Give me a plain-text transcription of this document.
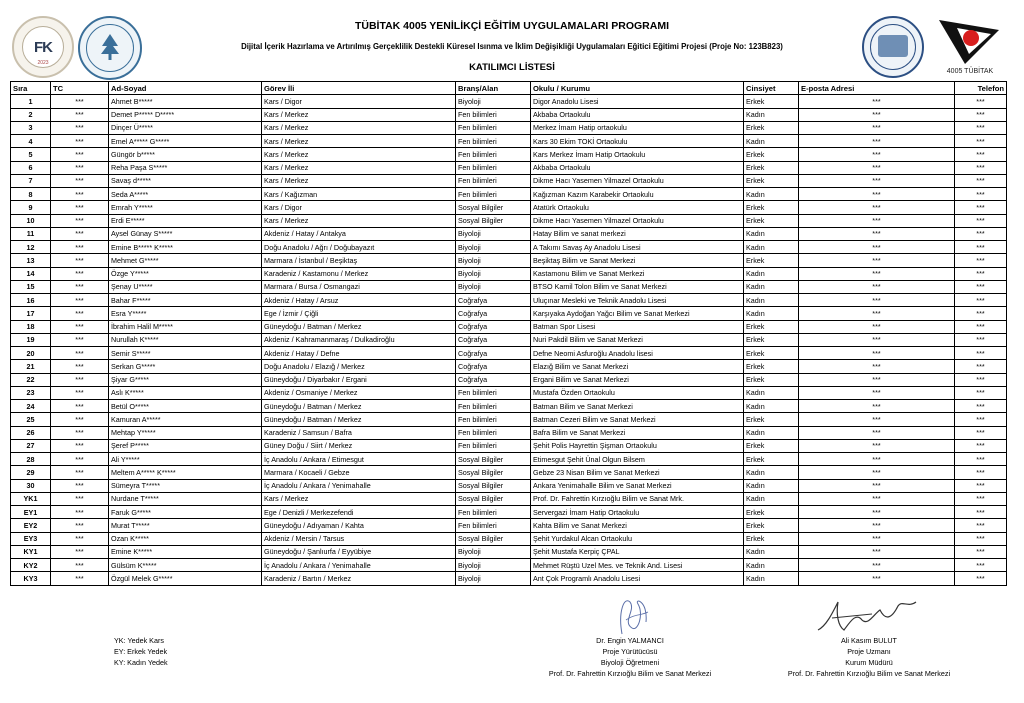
FK
2023
TÜBİTAK 4005 YENİLİKÇİ EĞİTİM UYGULAMALARI PROGRAMI
Dijital İçerik Hazırlama ve Artırılmış Gerçeklilik Destekli Küresel Isınma ve İklim Değişikliği Uygulamaları Eğitici Eğitimi Projesi (Proje No: 123B823)
KATILIMCI LİSTESİ	4005 TÜBİTAK
Sıra	TC	Ad-Soyad	Görev İli	Branş/Alan	Okulu / Kurumu	Cinsiyet	E-posta Adresi	Telefon
1	***	Ahmet B*****	Kars / Digor	Biyoloji	Digor Anadolu Lisesi	Erkek	***	***
2	***	Demet P***** D*****	Kars / Merkez	Fen bilimleri	Akbaba Ortaokulu	Kadın	***	***
3	***	Dinçer Ü*****	Kars / Merkez	Fen bilimleri	Merkez İmam Hatip ortaokulu	Erkek	***	***
4	***	Emel A***** G*****	Kars / Merkez	Fen bilimleri	Kars 30 Ekim TOKİ Ortaokulu	Kadın	***	***
5	***	Güngör b*****	Kars / Merkez	Fen bilimleri	Kars Merkez İmam Hatip Ortaokulu	Erkek	***	***
6	***	Reha Paşa S*****	Kars / Merkez	Fen bilimleri	Akbaba Ortaokulu	Erkek	***	***
7	***	Savaş d*****	Kars / Merkez	Fen bilimleri	Dikme Hacı Yasemen Yilmazel Ortaokulu	Erkek	***	***
8	***	Seda A*****	Kars / Kağızman	Fen bilimleri	Kağızman Kazım Karabekir Ortaokulu	Kadın	***	***
9	***	Emrah Y*****	Kars / Digor	Sosyal Bilgiler	Atatürk Ortaokulu	Erkek	***	***
10	***	Erdi E*****	Kars / Merkez	Sosyal Bilgiler	Dikme Hacı Yasemen Yilmazel Ortaokulu	Erkek	***	***
11	***	Aysel Günay S*****	Akdeniz / Hatay / Antakya	Biyoloji	Hatay Bilim ve sanat merkezi	Kadın	***	***
12	***	Emine B***** K*****	Doğu Anadolu / Ağrı / Doğubayazıt	Biyoloji	A Takımı Savaş Ay Anadolu Lisesi	Kadın	***	***
13	***	Mehmet G*****	Marmara / İstanbul / Beşiktaş	Biyoloji	Beşiktaş Bilim ve Sanat Merkezi	Erkek	***	***
14	***	Özge Y*****	Karadeniz / Kastamonu / Merkez	Biyoloji	Kastamonu Bilim ve Sanat Merkezi	Kadın	***	***
15	***	Şenay U*****	Marmara / Bursa / Osmangazi	Biyoloji	BTSO Kamil Tolon Bilim ve Sanat Merkezi	Kadın	***	***
16	***	Bahar F*****	Akdeniz / Hatay / Arsuz	Coğrafya	Uluçınar Mesleki ve Teknik Anadolu Lisesi	Kadın	***	***
17	***	Esra Y*****	Ege / İzmir / Çiğli	Coğrafya	Karşıyaka Aydoğan Yağcı Bilim ve Sanat Merkezi	Kadın	***	***
18	***	İbrahim Halil M*****	Güneydoğu / Batman / Merkez	Coğrafya	Batman Spor Lisesi	Erkek	***	***
19	***	Nurullah K*****	Akdeniz / Kahramanmaraş / Dulkadiroğlu	Coğrafya	Nuri Pakdil Bilim ve Sanat Merkezi	Erkek	***	***
20	***	Semir S*****	Akdeniz / Hatay / Defne	Coğrafya	Defne Neomi Asfuroğlu Anadolu lisesi	Erkek	***	***
21	***	Serkan G*****	Doğu Anadolu / Elazığ / Merkez	Coğrafya	Elazığ Bilim ve Sanat Merkezi	Erkek	***	***
22	***	Şiyar G*****	Güneydoğu / Diyarbakır / Ergani	Coğrafya	Ergani Bilim ve Sanat Merkezi	Erkek	***	***
23	***	Aslı K*****	Akdeniz / Osmaniye / Merkez	Fen bilimleri	Mustafa Özden Ortaokulu	Kadın	***	***
24	***	Betül O*****	Güneydoğu / Batman / Merkez	Fen bilimleri	Batman Bilim ve Sanat Merkezi	Kadın	***	***
25	***	Kamuran A*****	Güneydoğu / Batman / Merkez	Fen bilimleri	Batman Cezeri Bilim ve Sanat Merkezi	Erkek	***	***
26	***	Mehtap Y*****	Karadeniz / Samsun / Bafra	Fen bilimleri	Bafra Bilim ve Sanat Merkezi	Kadın	***	***
27	***	Şeref P*****	Güney Doğu / Siirt / Merkez	Fen bilimleri	Şehit Polis Hayrettin Şişman Ortaokulu	Erkek	***	***
28	***	Ali Y*****	İç Anadolu / Ankara / Etimesgut	Sosyal Bilgiler	Etimesgut Şehit Ünal Olgun Bilsem	Erkek	***	***
29	***	Meltem A***** K*****	Marmara / Kocaeli / Gebze	Sosyal Bilgiler	Gebze 23 Nisan Bilim ve Sanat Merkezi	Kadın	***	***
30	***	Sümeyra T*****	İç Anadolu / Ankara / Yenimahalle	Sosyal Bilgiler	Ankara Yenimahalle Bilim ve Sanat Merkezi	Kadın	***	***
YK1	***	Nurdane T*****	Kars / Merkez	Sosyal Bilgiler	Prof. Dr. Fahrettin Kırzıoğlu Bilim ve Sanat Mrk.	Kadın	***	***
EY1	***	Faruk G*****	Ege / Denizli / Merkezefendi	Fen bilimleri	Servergazi İmam Hatip Ortaokulu	Erkek	***	***
EY2	***	Murat T*****	Güneydoğu / Adıyaman / Kahta	Fen bilimleri	Kahta Bilim ve Sanat Merkezi	Erkek	***	***
EY3	***	Ozan K*****	Akdeniz / Mersin / Tarsus	Sosyal Bilgiler	Şehit Yurdakul Alcan Ortaokulu	Erkek	***	***
KY1	***	Emine K*****	Güneydoğu / Şanlıurfa / Eyyübiye	Biyoloji	Şehit Mustafa Kerpiç ÇPAL	Kadın	***	***
KY2	***	Gülsüm K*****	İç Anadolu / Ankara / Yenimahalle	Biyoloji	Mehmet Rüştü Uzel Mes. ve Teknik And. Lisesi	Kadın	***	***
KY3	***	Özgül Melek G*****	Karadeniz / Bartın / Merkez	Biyoloji	Ant Çok Programlı Anadolu Lisesi	Kadın	***	***
YK: Yedek Kars
EY: Erkek Yedek
KY: Kadın Yedek
Dr. Engin YALMANCI
Proje Yürütücüsü
Biyoloji Öğretmeni
Prof. Dr. Fahrettin Kırzıoğlu Bilim ve Sanat Merkezi
Ali Kasım BULUT
Proje Uzmanı
Kurum Müdürü
Prof. Dr. Fahrettin Kırzıoğlu Bilim ve Sanat Merkezi
